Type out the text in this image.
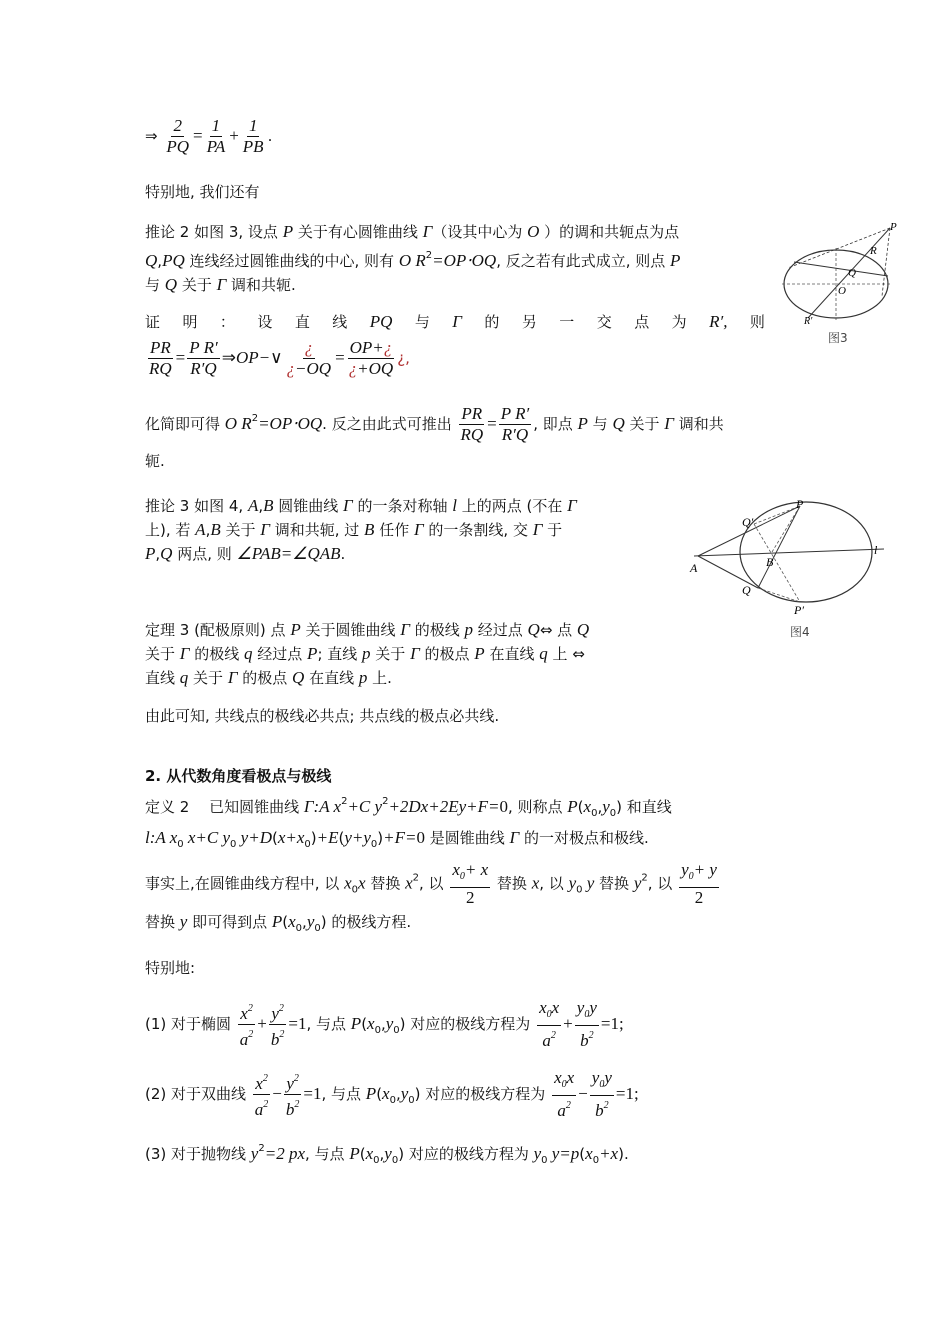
⇒ $\frac{2}{PQ} = \frac{1}{PA} + \frac{1}{PB}$ .
特别地, 我们还有
推论 2 如图 3, 设点 P 关于有心圆锥曲线 Γ（设其中心为 O ）的调和共轭点为点
Q,PQ 连线经过圆锥曲线的中心, 则有 O $R^2=OP\cdot OQ$, 反之若有此式成立, 则点 P
与 Q 关于 Γ 调和共轭.
证 明 ： 设 直 线 PQ 与 Γ 的 另 一 交 点 为 R′, 则
$\frac{PR}{RQ} = \frac{\text{P R′}}{R'Q}$ ⇒OP−∨ $\frac{¿}{¿-OQ} = \frac{OP+¿}{¿+OQ}$ ¿,
化简即可得 O $R^2=OP\cdot OQ$. 反之由此式可推出 $\frac{PR}{RQ} = \frac{\text{P R′}}{R'Q}$ , 即点 P 与 Q 关于 Γ 调和共
轭.
推论 3 如图 4, A,B 圆锥曲线 Γ 的一条对称轴 l 上的两点 (不在 Γ
上), 若 A,B 关于 Γ 调和共轭, 过 B 任作 Γ 的一条割线, 交 Γ 于
P,Q 两点, 则 ∠PAB=∠QAB.
定理 3 (配极原则) 点 P 关于圆锥曲线 Γ 的极线 p 经过点 Q⇔ 点 Q
关于 Γ 的极线 q 经过点 P; 直线 p 关于 Γ 的极点 P 在直线 q 上 ⇔
直线 q 关于 Γ 的极点 Q 在直线 p 上.
由此可知, 共线点的极线必共点; 共点线的极点必共线.
2. 从代数角度看极点与极线
定义 2 　已知圆锥曲线 Γ:A $x^2+C$ $y^2+2Dx+2Ey+F=0$, 则称点 $P(x_0,y_0)$ 和直线
l:A $x_0$ x+C $y_0$ $y+D(x+x_0)+E(y+y_0)+F=0$ 是圆锥曲线 Γ 的一对极点和极线.
事实上,在圆锥曲线方程中, 以 $x_0x$ 替换 $x^2$, 以 $\frac{x_0+ x}{2}$ 替换 x, 以 $y_0$ y 替换 $y^2$, 以 $\frac{y_0+ y}{2}$
替换 y 即可得到点 $P(x_0,y_0)$ 的极线方程.
特别地:
(1) 对于椭圆 $\frac{x^2}{a^2} + \frac{y^2}{b^2} =1$, 与点 $P(x_0,y_0)$ 对应的极线方程为 $\frac{x_0x}{a^2} + \frac{y_0y}{b^2} =1$;
(2) 对于双曲线 $\frac{x^2}{a^2} - \frac{y^2}{b^2} =1$, 与点 $P(x_0,y_0)$ 对应的极线方程为 $\frac{x_0x}{a^2} - \frac{y_0y}{b^2} =1$;
(3) 对于抛物线 $y^2=2$ px, 与点 $P(x_0,y_0)$ 对应的极线方程为 $y_0$ $y=p(x_0+x)$.
P
R
Q
O
R′
图3
P
Q′
A	B
Q
P′
l
图4
